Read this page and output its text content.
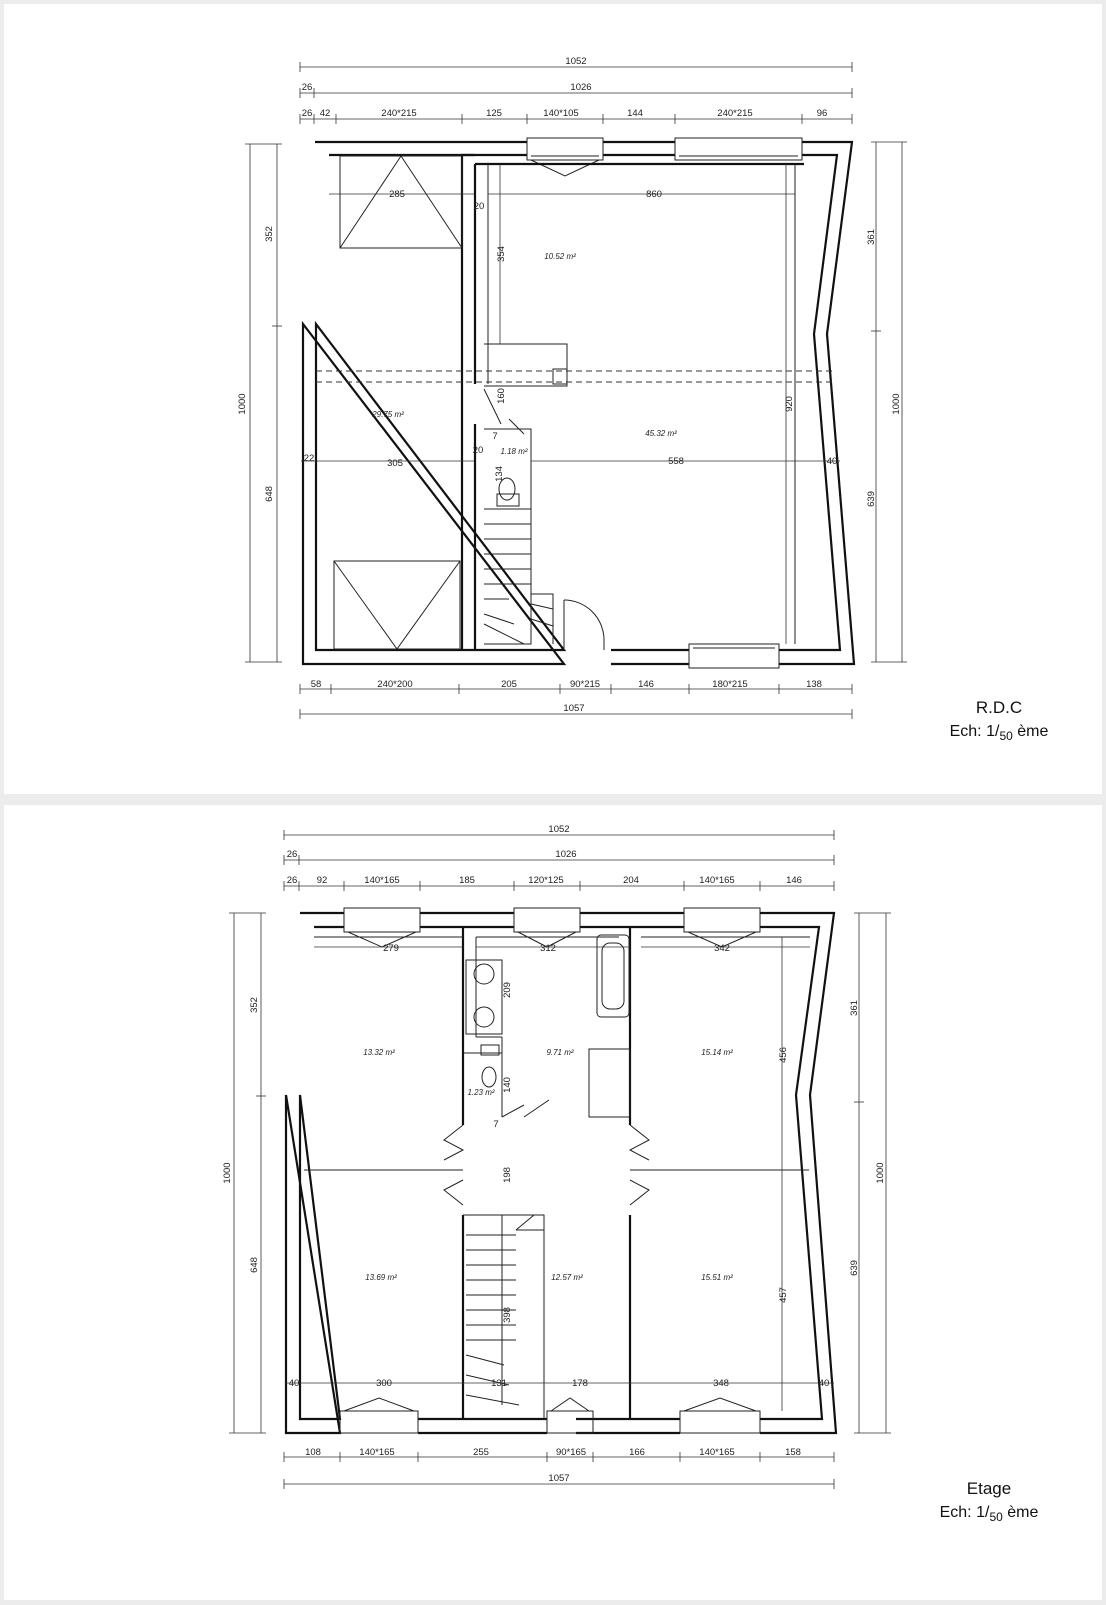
1052
26	1026
26 42	240*215	125	140*105	144	240*215	96
352
648
1000
361
639
1000
285
20
860
354
160
920
22	305
20
558	40
7
134
10.52 m²
29.75 m²
45.32 m²
1.18 m²
58	240*200	205	90*215	146	180*215	138
1057	R.D.C
Ech: $1/_{50}$ ème
1052
26	1026
26 92	140*165	185	120*125	204	140*165	146
352
648
1000
361
639
1000
279	312	342
209
140
456
198
398
457
40	300	131	178	348	40
7
13.32 m²	9.71 m²	15.14 m²
1.23 m²
13.69 m²	12.57 m²	15.51 m²
108	140*165	255	90*165	166	140*165	158
1057
Etage
Ech: $1/_{50}$ ème
